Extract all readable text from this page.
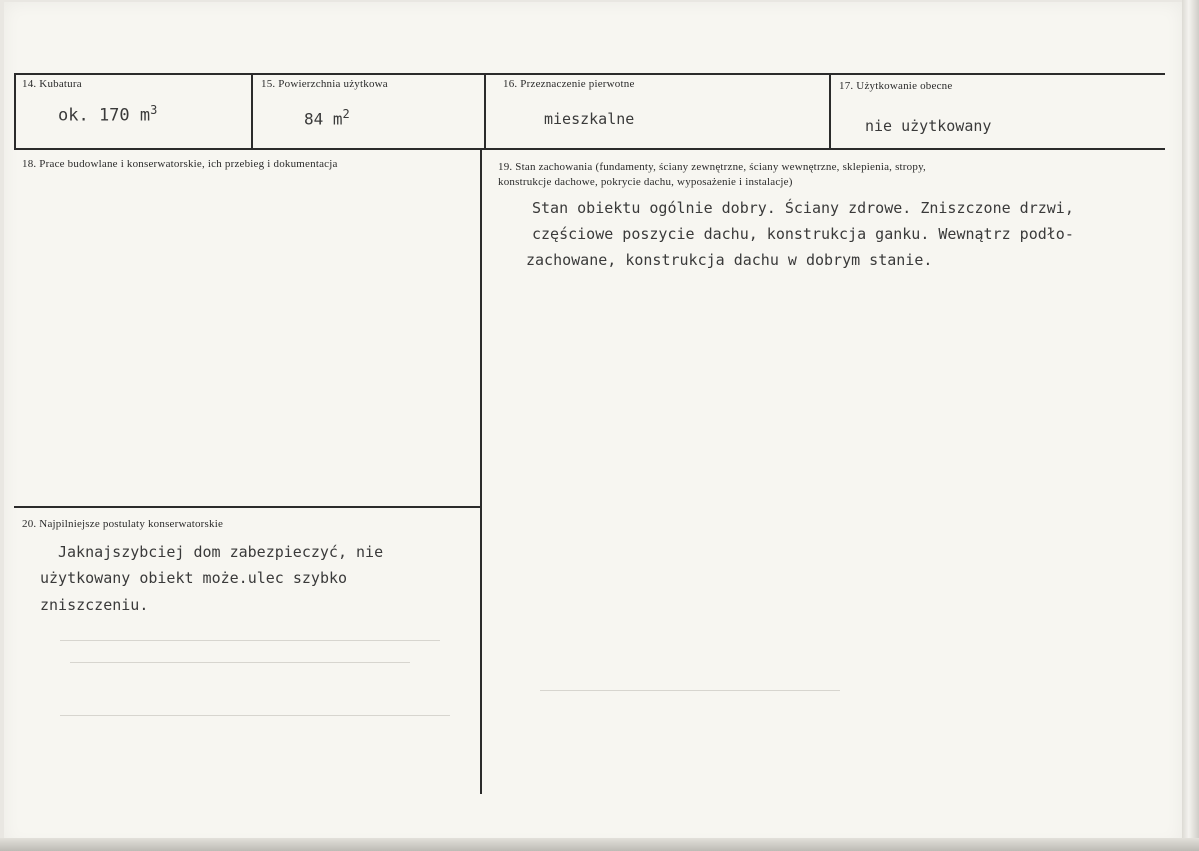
14. Kubatura
ok. 170 $m^3$
15. Powierzchnia użytkowa
84 $m^2$
16. Przeznaczenie pierwotne
mieszkalne
17. Użytkowanie obecne
nie użytkowany
18. Prace budowlane i konserwatorskie, ich przebieg i dokumentacja	19. Stan zachowania (fundamenty, ściany zewnętrzne, ściany wewnętrzne, sklepienia, stropy,
konstrukcje dachowe, pokrycie dachu, wyposażenie i instalacje)
Stan obiektu ogólnie dobry. Ściany zdrowe. Zniszczone drzwi,
częściowe poszycie dachu, konstrukcja ganku. Wewnątrz podło-
zachowane, konstrukcja dachu w dobrym stanie.
20. Najpilniejsze postulaty konserwatorskie
Jaknajszybciej dom zabezpieczyć, nie
użytkowany obiekt może.ulec szybko
zniszczeniu.
